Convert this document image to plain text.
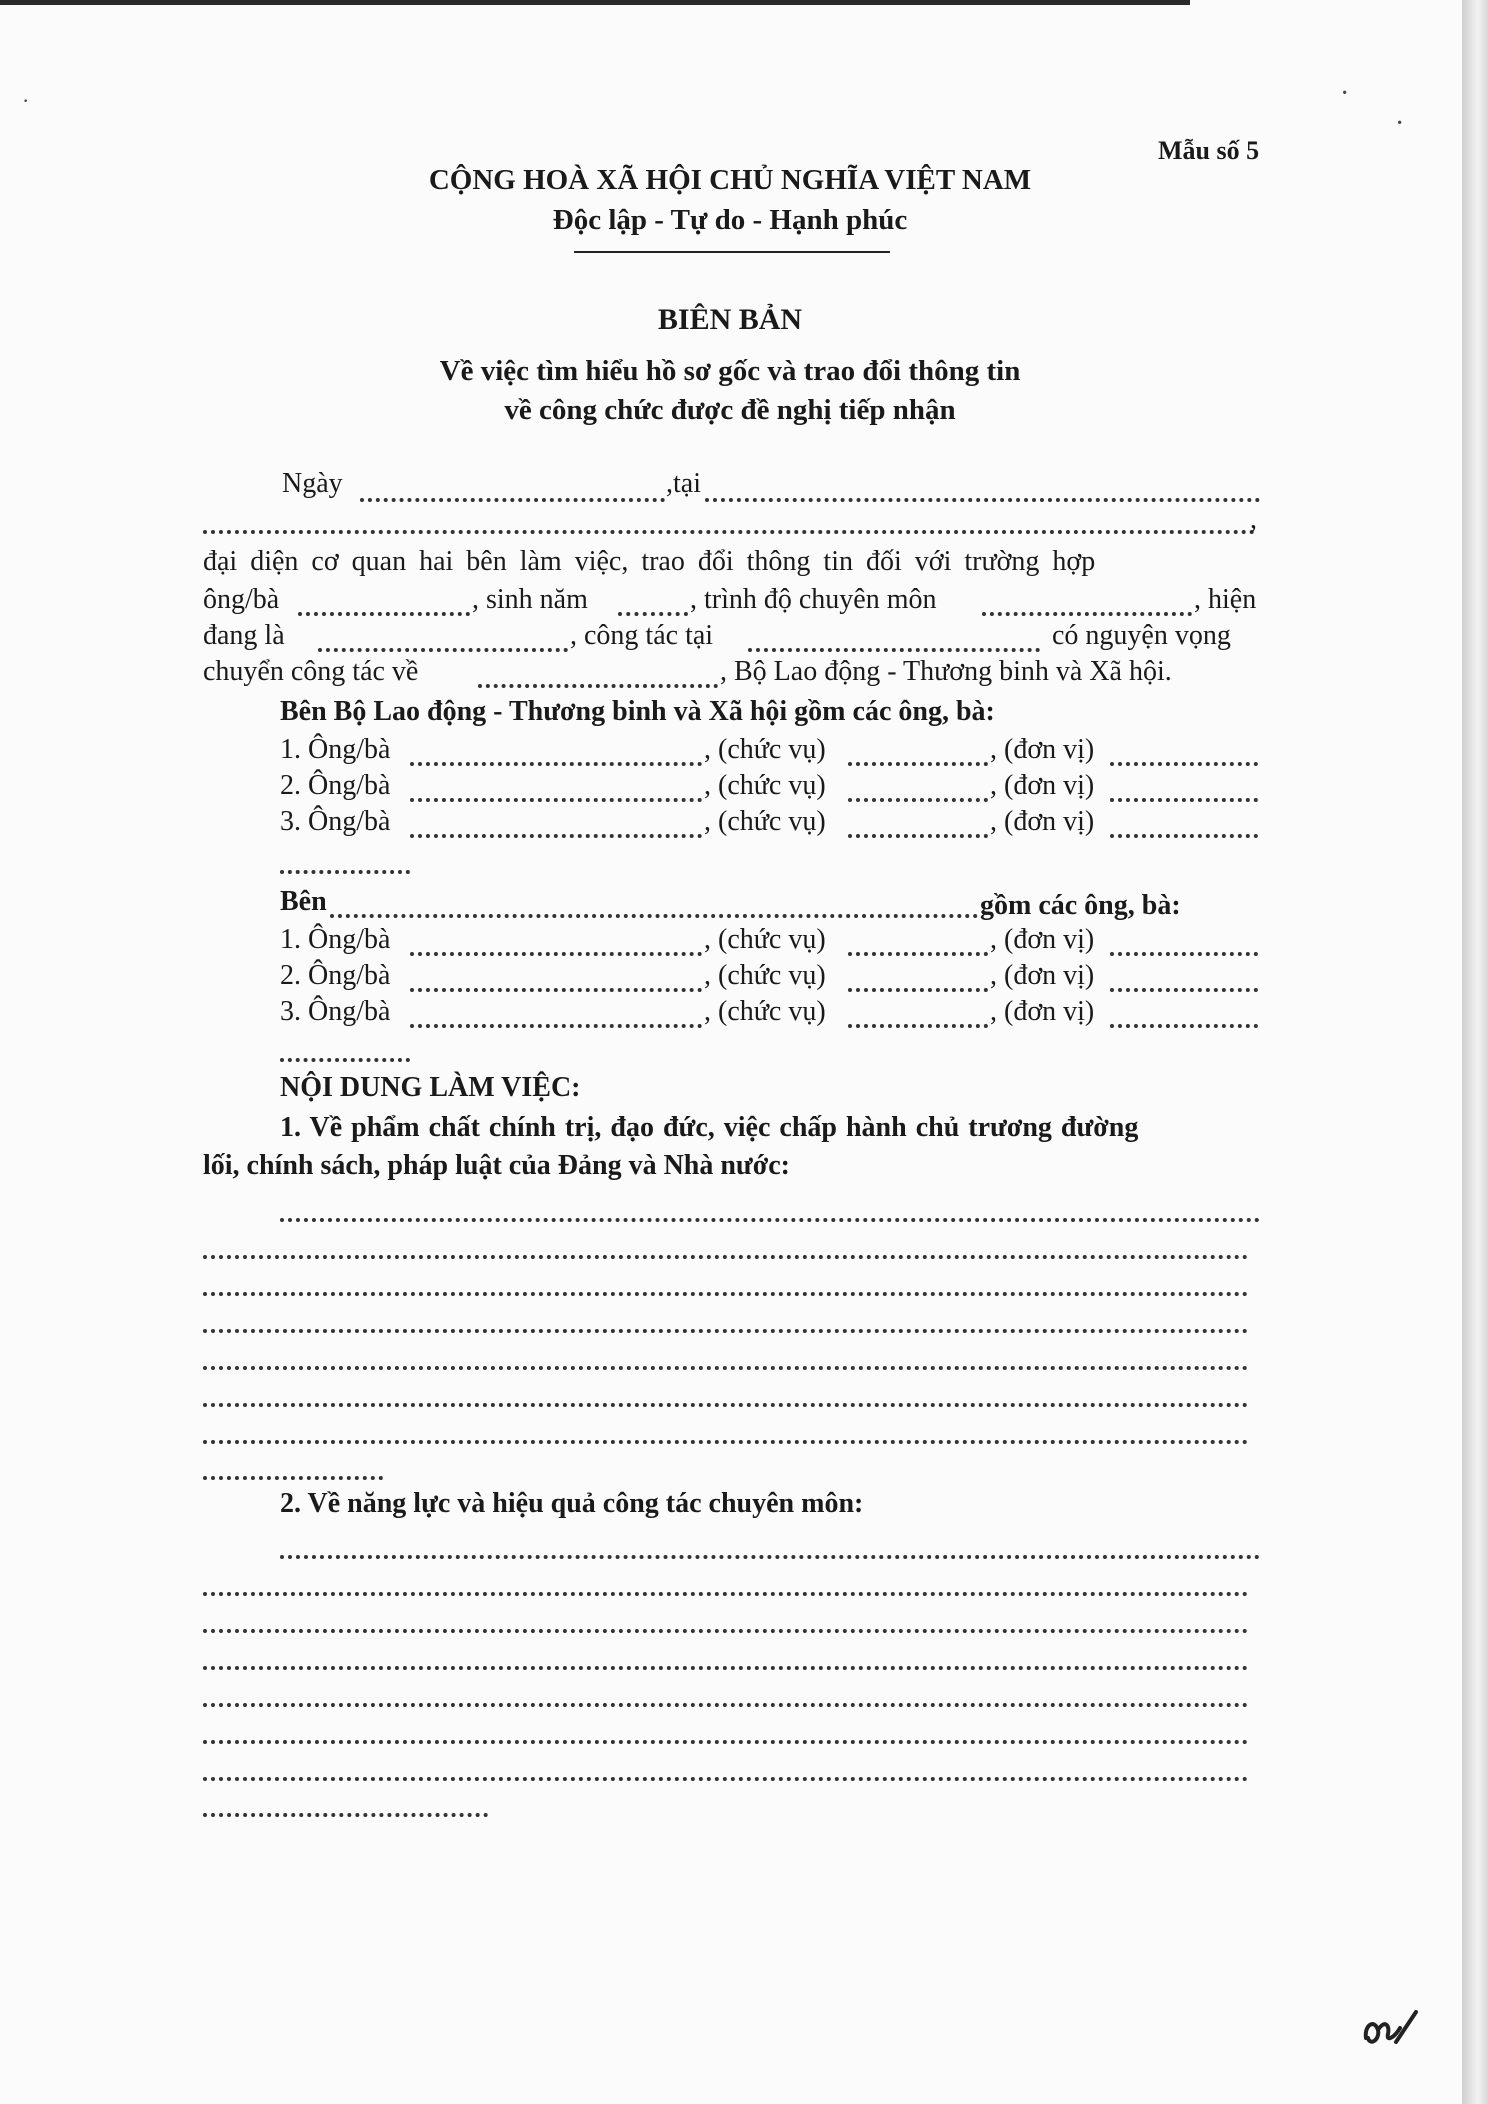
·
·
·
Mẫu số 5
CỘNG HOÀ XÃ HỘI CHỦ NGHĨA VIỆT NAM
Độc lập - Tự do - Hạnh phúc
BIÊN BẢN
Về việc tìm hiểu hồ sơ gốc và trao đổi thông tin
về công chức được đề nghị tiếp nhận
Ngày	,tại
,
đại diện cơ quan hai bên làm việc, trao đổi thông tin đối với trường hợp
ông/bà	, sinh năm	, trình độ chuyên môn	, hiện
đang là	, công tác tại	có nguyện vọng
chuyển công tác về	, Bộ Lao động - Thương binh và Xã hội.
Bên Bộ Lao động - Thương binh và Xã hội gồm các ông, bà:
1. Ông/bà	, (chức vụ)	, (đơn vị)
2. Ông/bà	, (chức vụ)	, (đơn vị)
3. Ông/bà	, (chức vụ)	, (đơn vị)
Bên	gồm các ông, bà:
1. Ông/bà	, (chức vụ)	, (đơn vị)
2. Ông/bà	, (chức vụ)	, (đơn vị)
3. Ông/bà	, (chức vụ)	, (đơn vị)
NỘI DUNG LÀM VIỆC:
1. Về phẩm chất chính trị, đạo đức, việc chấp hành chủ trương đường
lối, chính sách, pháp luật của Đảng và Nhà nước:
2. Về năng lực và hiệu quả công tác chuyên môn:
